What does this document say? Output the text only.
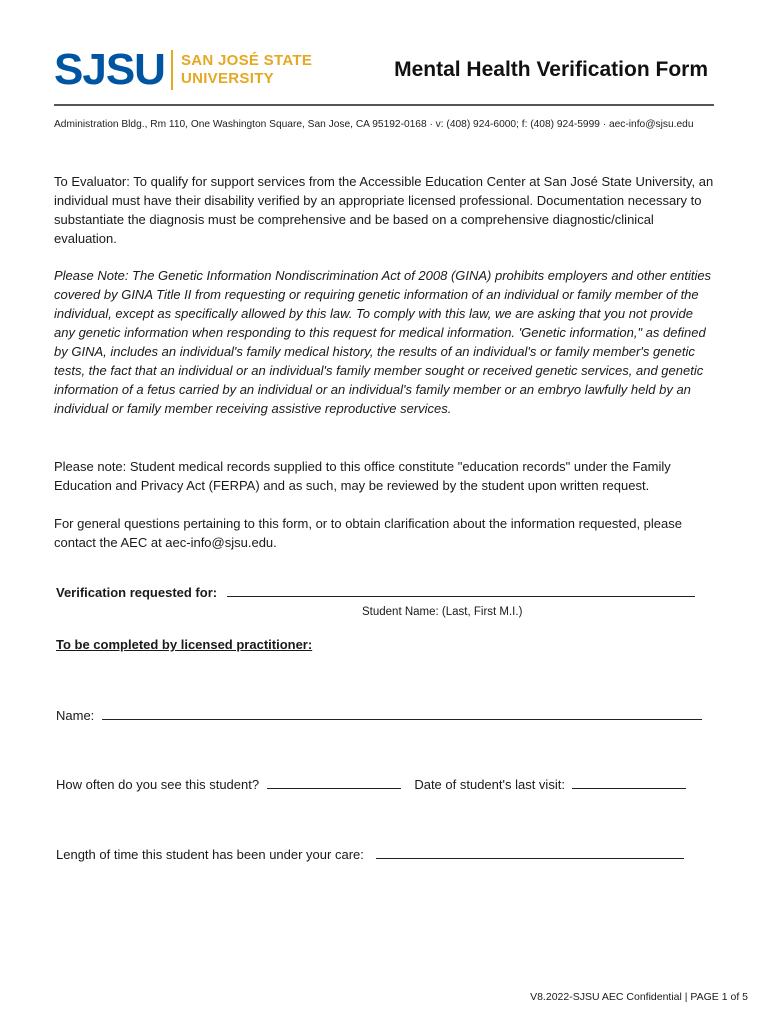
SJSU SAN JOSÉ STATE
UNIVERSITY	Mental Health Verification Form
Administration Bldg., Rm 110, One Washington Square, San Jose, CA 95192-0168 · v: (408) 924-6000; f: (408) 924-5999 · aec-info@sjsu.edu

To Evaluator: To qualify for support services from the Accessible Education Center at San José State University, an individual must have their disability verified by an appropriate licensed professional. Documentation necessary to substantiate the diagnosis must be comprehensive and be based on a comprehensive diagnostic/clinical evaluation.

Please Note: The Genetic Information Nondiscrimination Act of 2008 (GINA) prohibits employers and other entities covered by GINA Title II from requesting or requiring genetic information of an individual or family member of the individual, except as specifically allowed by this law. To comply with this law, we are asking that you not provide any genetic information when responding to this request for medical information. 'Genetic information," as defined by GINA, includes an individual's family medical history, the results of an individual's or family member's genetic tests, the fact that an individual or an individual's family member sought or received genetic services, and genetic information of a fetus carried by an individual or an individual's family member or an embryo lawfully held by an individual or family member receiving assistive reproductive services.

Please note: Student medical records supplied to this office constitute "education records" under the Family Education and Privacy Act (FERPA) and as such, may be reviewed by the student upon written request.

For general questions pertaining to this form, or to obtain clarification about the information requested, please contact the AEC at aec-info@sjsu.edu.

Verification requested for:
Student Name: (Last, First M.I.)
To be completed by licensed practitioner:
Name:
How often do you see this student?	Date of student's last visit:
Length of time this student has been under your care:
V8.2022-SJSU AEC Confidential | PAGE 1 of 5
